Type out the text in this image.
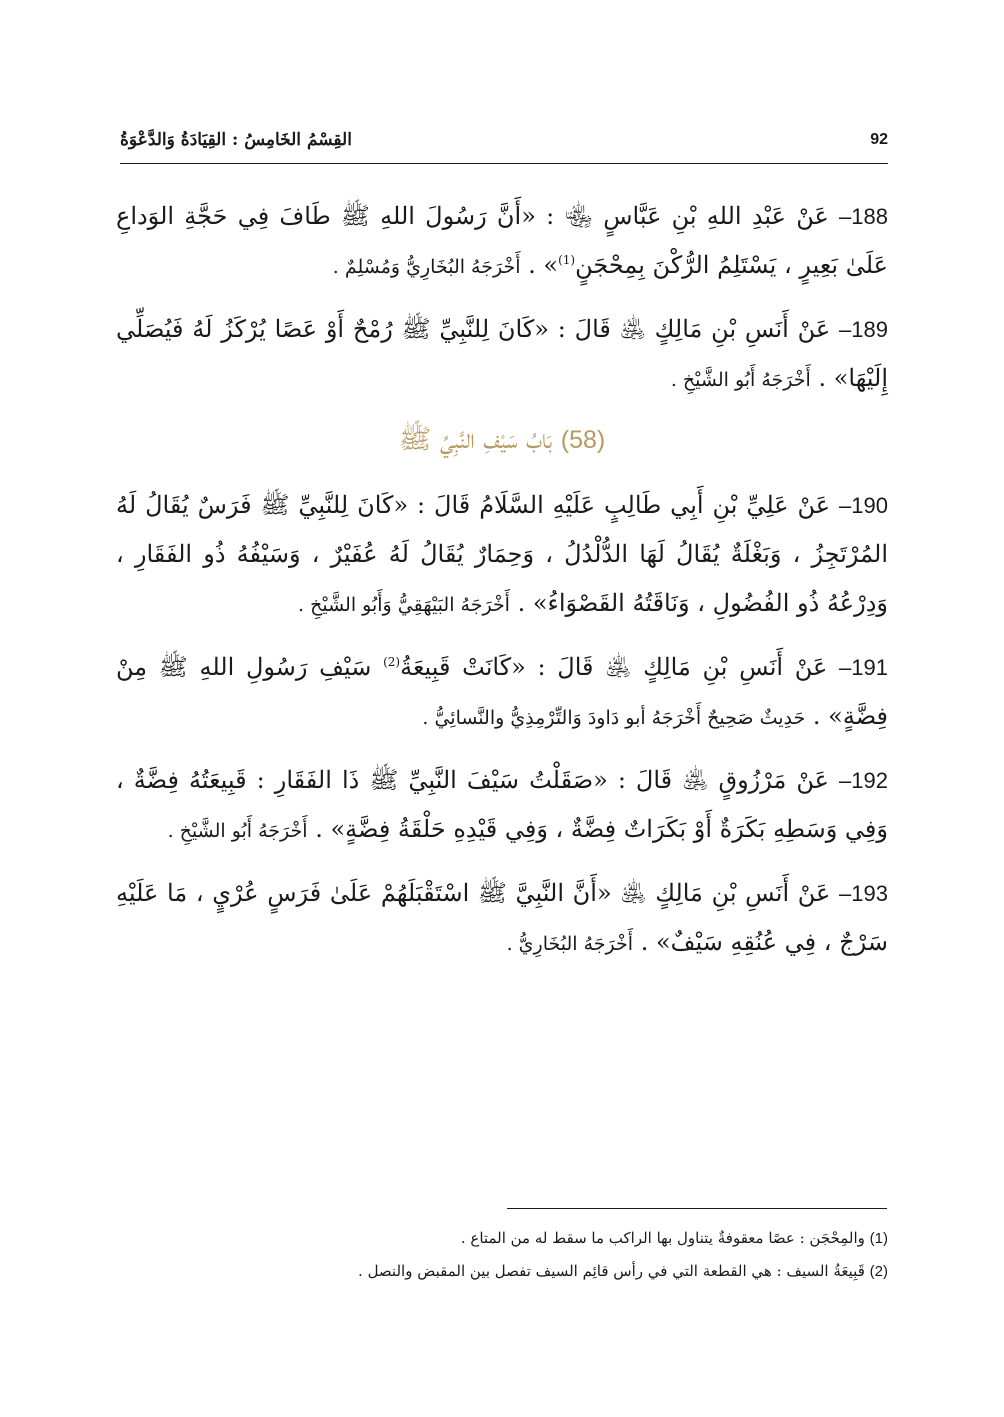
92
القِسْمُ الخَامِسُ : القِيَادَةُ وَالدَّعْوَةُ

188– عَنْ عَبْدِ اللهِ بْنِ عَبَّاسٍ ﵄ : «أَنَّ رَسُولَ اللهِ ﷺ طَافَ فِي حَجَّةِ الوَداعِ عَلَىٰ بَعِيرٍ ، يَسْتَلِمُ الرُّكْنَ بِمِحْجَنٍ$^{(1)}$» . أَخْرَجَهُ البُخَارِيُّ وَمُسْلِمٌ .

189– عَنْ أَنَسِ بْنِ مَالِكٍ ﵁ قَالَ : «كَانَ لِلنَّبِيِّ ﷺ رُمْحٌ أَوْ عَصًا يُرْكَزُ لَهُ فَيُصَلِّي إِلَيْهَا» . أَخْرَجَهُ أَبُو الشَّيْخِ .

(58) بَابُ سَيْفِ النَّبِيِّ ﷺ

190– عَنْ عَلِيِّ بْنِ أَبِي طَالِبٍ عَلَيْهِ السَّلَامُ قَالَ : «كَانَ لِلنَّبِيِّ ﷺ فَرَسٌ يُقَالُ لَهُ المُرْتَجِزُ ، وَبَغْلَةٌ يُقَالُ لَهَا الدُّلْدُلُ ، وَحِمَارٌ يُقَالُ لَهُ عُفَيْرٌ ، وَسَيْفُهُ ذُو الفَقَارِ ، وَدِرْعُهُ ذُو الفُضُولِ ، وَنَاقَتُهُ القَصْوَاءُ» . أَخْرَجَهُ البَيْهَقِيُّ وَأَبُو الشَّيْخِ .

191– عَنْ أَنَسِ بْنِ مَالِكٍ ﵁ قَالَ : «كَانَتْ قَبِيعَةُ$^{(2)}$ سَيْفِ رَسُولِ اللهِ ﷺ مِنْ فِضَّةٍ» . حَدِيثٌ صَحِيحٌ أَخْرَجَهُ أبو دَاودَ وَالتِّرْمِذِيُّ والنَّسائِيُّ .

192– عَنْ مَرْزُوقٍ ﵁ قَالَ : «صَقَلْتُ سَيْفَ النَّبِيِّ ﷺ ذَا الفَقَارِ : قَبِيعَتُهُ فِضَّةٌ ، وَفِي وَسَطِهِ بَكَرَةٌ أَوْ بَكَرَاتٌ فِضَّةٌ ، وَفِي قَيْدِهِ حَلْقَةُ فِضَّةٍ» . أَخْرَجَهُ أَبُو الشَّيْخِ .

193– عَنْ أَنَسِ بْنِ مَالِكٍ ﵁ «أَنَّ النَّبِيَّ ﷺ اسْتَقْبَلَهُمْ عَلَىٰ فَرَسٍ عُرْيٍ ، مَا عَلَيْهِ سَرْجٌ ، فِي عُنُقِهِ سَيْفٌ» . أَخْرَجَهُ البُخَارِيُّ .

(1) والمِحْجَن : عصًا معقوفةٌ يتناول بها الراكب ما سقط له من المتاع .

(2) قَبِيعَةُ السيف : هي القطعة التي في رأس قائِم السيف تفصل بين المقبض والنصل .
